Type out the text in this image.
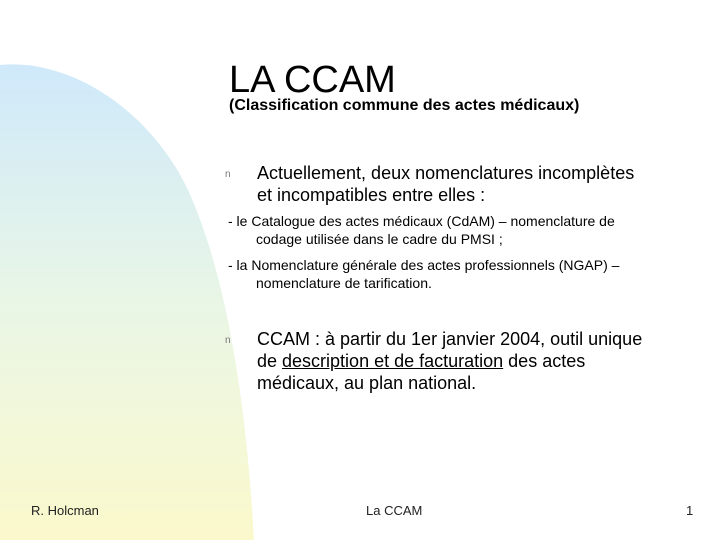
LA CCAM
(Classification commune des actes médicaux)
n Actuellement, deux nomenclatures incomplètes
et incompatibles entre elles :
- le Catalogue des actes médicaux (CdAM) – nomenclature de
codage utilisée dans le cadre du PMSI ;
- la Nomenclature générale des actes professionnels (NGAP) –
nomenclature de tarification.
n CCAM : à partir du 1er janvier 2004, outil unique
de description et de facturation des actes
médicaux, au plan national.
R. Holcman	La CCAM	1
